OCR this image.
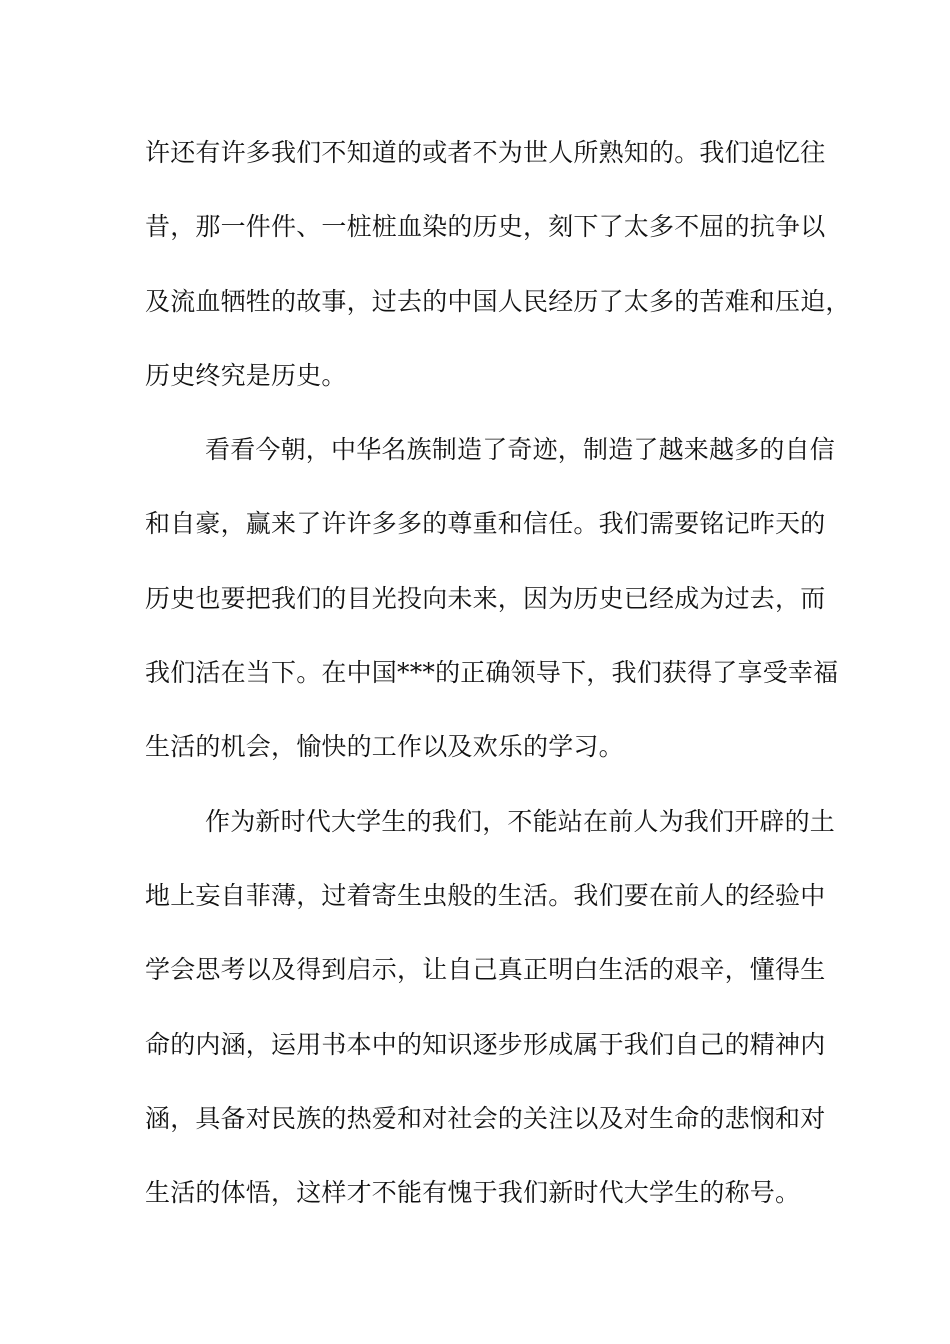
许还有许多我们不知道的或者不为世人所熟知的。我们追忆往
昔，那一件件、一桩桩血染的历史，刻下了太多不屈的抗争以
及流血牺牲的故事，过去的中国人民经历了太多的苦难和压迫，
历史终究是历史。
看看今朝，中华名族制造了奇迹，制造了越来越多的自信
和自豪，赢来了许许多多的尊重和信任。我们需要铭记昨天的
历史也要把我们的目光投向未来，因为历史已经成为过去，而
我们活在当下。在中国***的正确领导下，我们获得了享受幸福
生活的机会，愉快的工作以及欢乐的学习。
作为新时代大学生的我们，不能站在前人为我们开辟的土
地上妄自菲薄，过着寄生虫般的生活。我们要在前人的经验中
学会思考以及得到启示，让自己真正明白生活的艰辛，懂得生
命的内涵，运用书本中的知识逐步形成属于我们自己的精神内
涵，具备对民族的热爱和对社会的关注以及对生命的悲悯和对
生活的体悟，这样才不能有愧于我们新时代大学生的称号。
